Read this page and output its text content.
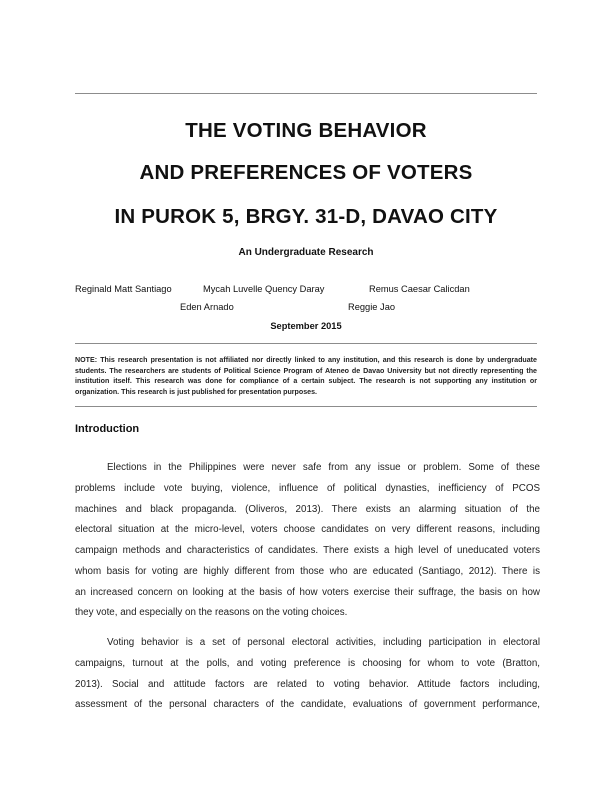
THE VOTING BEHAVIOR
AND PREFERENCES OF VOTERS
IN PUROK 5, BRGY. 31-D, DAVAO CITY
An Undergraduate Research
Reginald Matt Santiago	Mycah Luvelle Quency Daray	Remus Caesar Calicdan
Eden Arnado	Reggie Jao
September 2015
NOTE: This research presentation is not affiliated nor directly linked to any institution, and this research is done by undergraduate students. The researchers are students of Political Science Program of Ateneo de Davao University but not directly representing the institution itself. This research was done for compliance of a certain subject. The research is not supporting any institution or organization. This research is just published for presentation purposes.
Introduction
Elections in the Philippines were never safe from any issue or problem. Some of these
problems include vote buying, violence, influence of political dynasties, inefficiency of PCOS
machines and black propaganda. (Oliveros, 2013). There exists an alarming situation of the
electoral situation at the micro-level, voters choose candidates on very different reasons, including
campaign methods and characteristics of candidates. There exists a high level of uneducated voters
whom basis for voting are highly different from those who are educated (Santiago, 2012). There is
an increased concern on looking at the basis of how voters exercise their suffrage, the basis on how
they vote, and especially on the reasons on the voting choices.
Voting behavior is a set of personal electoral activities, including participation in electoral
campaigns, turnout at the polls, and voting preference is choosing for whom to vote (Bratton,
2013). Social and attitude factors are related to voting behavior. Attitude factors including,
assessment of the personal characters of the candidate, evaluations of government performance,
